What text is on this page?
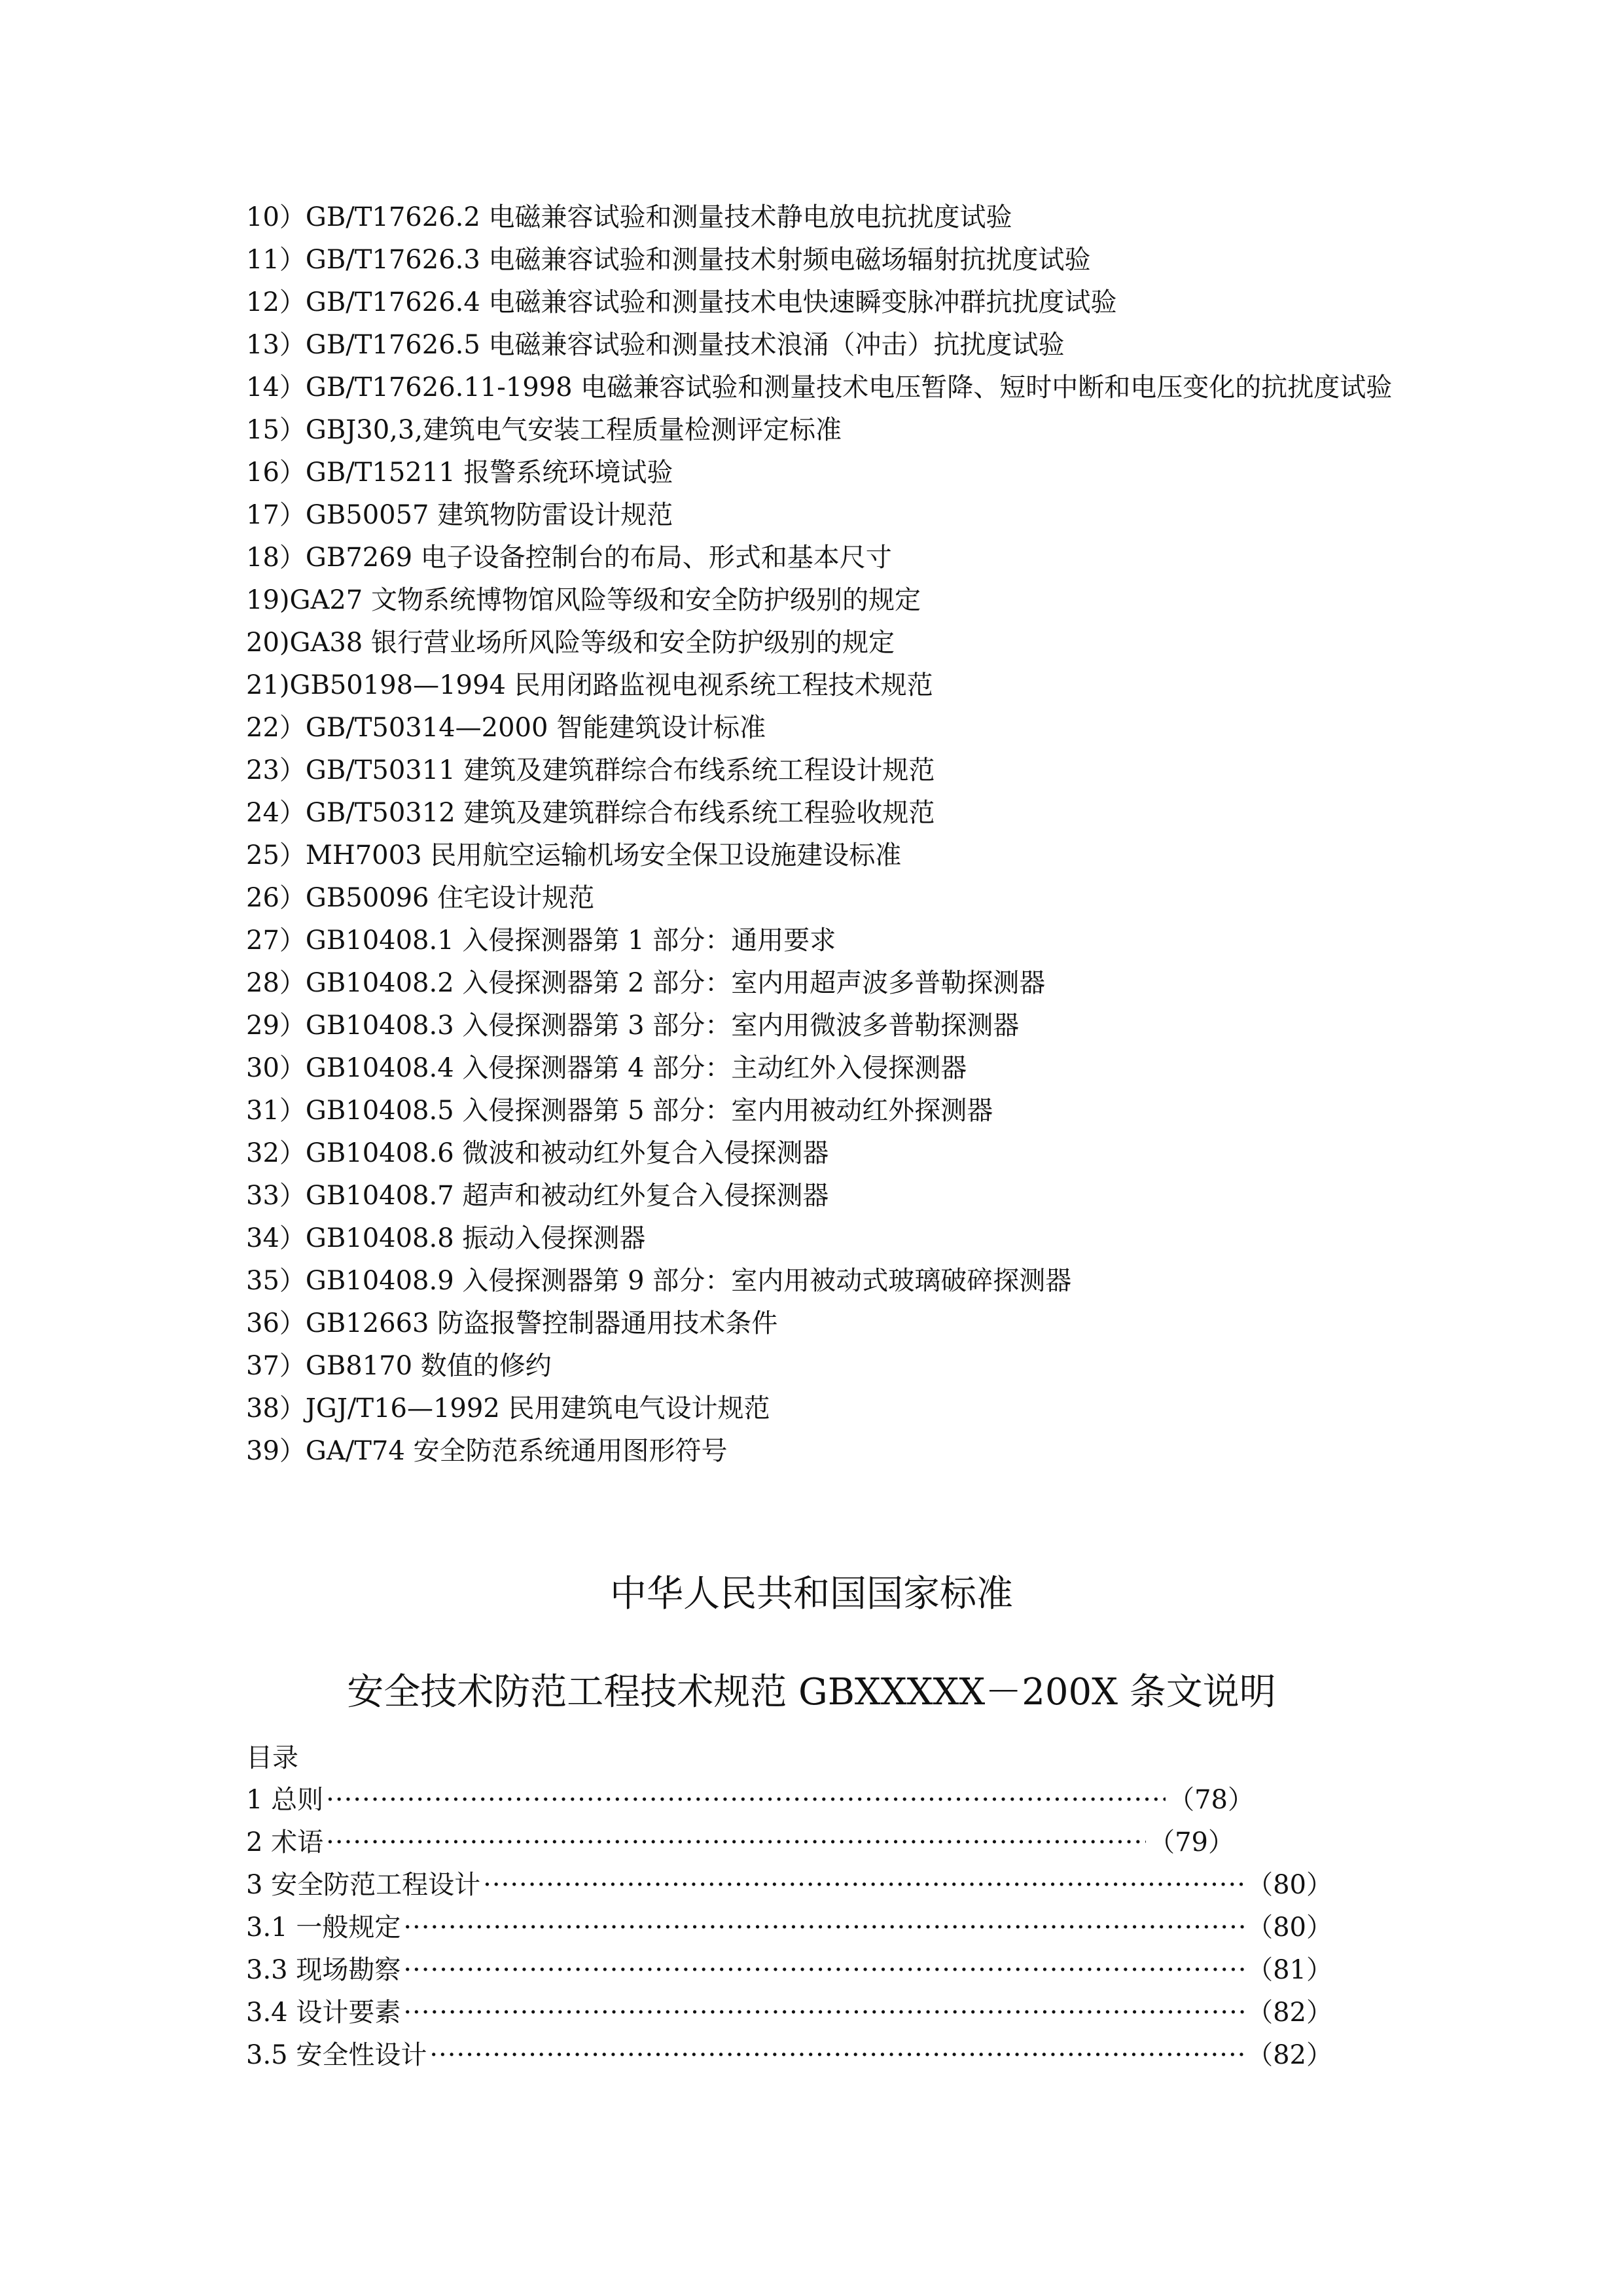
10）GB/T17626.2 电磁兼容试验和测量技术静电放电抗扰度试验
11）GB/T17626.3 电磁兼容试验和测量技术射频电磁场辐射抗扰度试验
12）GB/T17626.4 电磁兼容试验和测量技术电快速瞬变脉冲群抗扰度试验
13）GB/T17626.5 电磁兼容试验和测量技术浪涌（冲击）抗扰度试验
14）GB/T17626.11-1998 电磁兼容试验和测量技术电压暂降、短时中断和电压变化的抗扰度试验
15）GBJ30,3,建筑电气安装工程质量检测评定标准
16）GB/T15211 报警系统环境试验
17）GB50057 建筑物防雷设计规范
18）GB7269 电子设备控制台的布局、形式和基本尺寸
19)GA27 文物系统博物馆风险等级和安全防护级别的规定
20)GA38 银行营业场所风险等级和安全防护级别的规定
21)GB50198—1994 民用闭路监视电视系统工程技术规范
22）GB/T50314—2000 智能建筑设计标准
23）GB/T50311 建筑及建筑群综合布线系统工程设计规范
24）GB/T50312 建筑及建筑群综合布线系统工程验收规范
25）MH7003 民用航空运输机场安全保卫设施建设标准
26）GB50096 住宅设计规范
27）GB10408.1 入侵探测器第 1 部分：通用要求
28）GB10408.2 入侵探测器第 2 部分：室内用超声波多普勒探测器
29）GB10408.3 入侵探测器第 3 部分：室内用微波多普勒探测器
30）GB10408.4 入侵探测器第 4 部分：主动红外入侵探测器
31）GB10408.5 入侵探测器第 5 部分：室内用被动红外探测器
32）GB10408.6 微波和被动红外复合入侵探测器
33）GB10408.7 超声和被动红外复合入侵探测器
34）GB10408.8 振动入侵探测器
35）GB10408.9 入侵探测器第 9 部分：室内用被动式玻璃破碎探测器
36）GB12663 防盗报警控制器通用技术条件
37）GB8170 数值的修约
38）JGJ/T16—1992 民用建筑电气设计规范
39）GA/T74 安全防范系统通用图形符号
中华人民共和国国家标准
安全技术防范工程技术规范 GBXXXXX－200X 条文说明
目录
1 总则 ·····	（78）
2 术语 ·····	（79）
3 安全防范工程设计 ·····	（80）
3.1 一般规定 ·····	（80）
3.3 现场勘察 ·····	（81）
3.4 设计要素 ·····	（82）
3.5 安全性设计 ·····	（82）
